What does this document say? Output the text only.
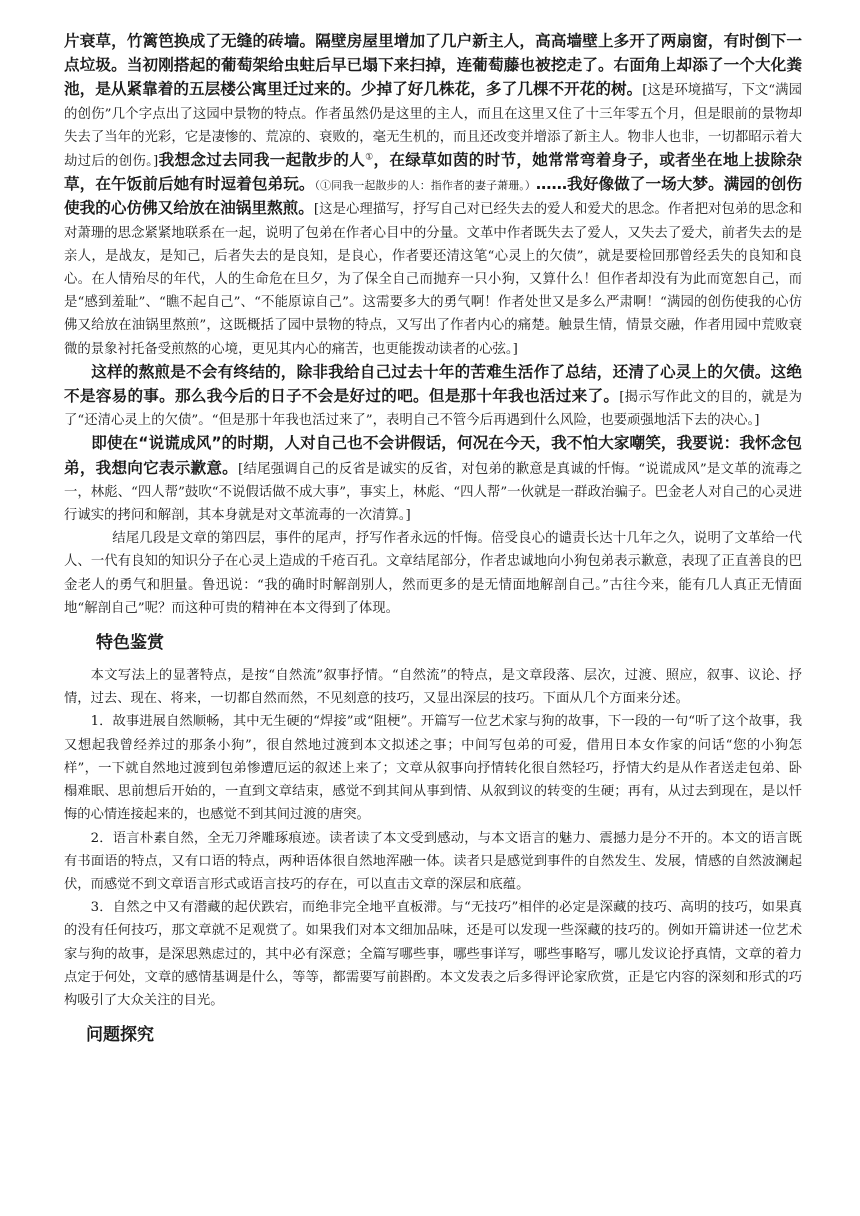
片衰草，竹篱笆换成了无缝的砖墙。隔壁房屋里增加了几户新主人，高高墙壁上多开了两扇窗，有时倒下一点垃圾。当初刚搭起的葡萄架给虫蛀后早已塌下来扫掉，连葡萄藤也被挖走了。右面角上却添了一个大化粪池，是从紧靠着的五层楼公寓里迁过来的。少掉了好几株花，多了几棵不开花的树。[这是环境描写，下文“满园的创伤”几个字点出了这园中景物的特点。作者虽然仍是这里的主人，而且在这里又住了十三年零五个月，但是眼前的景物却失去了当年的光彩，它是凄惨的、荒凉的、衰败的，毫无生机的，而且还改变并增添了新主人。物非人也非，一切都昭示着大劫过后的创伤。]我想念过去同我一起散步的人①，在绿草如茵的时节，她常常弯着身子，或者坐在地上拔除杂草，在午饭前后她有时逗着包弟玩。（①同我一起散步的人：指作者的妻子萧珊。）……我好像做了一场大梦。满园的创伤使我的心仿佛又给放在油锅里熬煎。[这是心理描写，抒写自己对已经失去的爱人和爱犬的思念。作者把对包弟的思念和对萧珊的思念紧紧地联系在一起，说明了包弟在作者心目中的分量。文革中作者既失去了爱人，又失去了爱犬，前者失去的是亲人，是战友，是知己，后者失去的是良知，是良心，作者要还清这笔“心灵上的欠债”，就是要检回那曾经丢失的良知和良心。在人情殆尽的年代，人的生命危在旦夕，为了保全自己而抛弃一只小狗，又算什么！但作者却没有为此而宽恕自己，而是“感到羞耻”、“瞧不起自己”、“不能原谅自己”。这需要多大的勇气啊！作者处世又是多么严肃啊！“满园的创伤使我的心仿佛又给放在油锅里熬煎”，这既概括了园中景物的特点，又写出了作者内心的痛楚。触景生情，情景交融，作者用园中荒败衰微的景象衬托备受煎熬的心境，更见其内心的痛苦，也更能拨动读者的心弦。]

这样的熬煎是不会有终结的，除非我给自己过去十年的苦难生活作了总结，还清了心灵上的欠债。这绝不是容易的事。那么我今后的日子不会是好过的吧。但是那十年我也活过来了。[揭示写作此文的目的，就是为了“还清心灵上的欠债”。“但是那十年我也活过来了”，表明自己不管今后再遇到什么风险，也要顽强地活下去的决心。]

即使在“说谎成风”的时期，人对自己也不会讲假话，何况在今天，我不怕大家嘲笑，我要说：我怀念包弟，我想向它表示歉意。[结尾强调自己的反省是诚实的反省，对包弟的歉意是真诚的忏悔。“说谎成风”是文革的流毒之一，林彪、“四人帮”鼓吹“不说假话做不成大事”，事实上，林彪、“四人帮”一伙就是一群政治骗子。巴金老人对自己的心灵进行诚实的拷问和解剖，其本身就是对文革流毒的一次清算。]

结尾几段是文章的第四层，事件的尾声，抒写作者永远的忏悔。倍受良心的谴责长达十几年之久，说明了文革给一代人、一代有良知的知识分子在心灵上造成的千疮百孔。文章结尾部分，作者忠诚地向小狗包弟表示歉意，表现了正直善良的巴金老人的勇气和胆量。鲁迅说：“我的确时时解剖别人，然而更多的是无情面地解剖自己。”古往今来，能有几人真正无情面地“解剖自己”呢？而这种可贵的精神在本文得到了体现。

特色鉴赏

本文写法上的显著特点，是按“自然流”叙事抒情。“自然流”的特点，是文章段落、层次，过渡、照应，叙事、议论、抒情，过去、现在、将来，一切都自然而然，不见刻意的技巧，又显出深层的技巧。下面从几个方面来分述。

1．故事进展自然顺畅，其中无生硬的“焊接”或“阻梗”。开篇写一位艺术家与狗的故事，下一段的一句“听了这个故事，我又想起我曾经养过的那条小狗”，很自然地过渡到本文拟述之事；中间写包弟的可爱，借用日本女作家的问话“您的小狗怎样”，一下就自然地过渡到包弟惨遭厄运的叙述上来了；文章从叙事向抒情转化很自然轻巧，抒情大约是从作者送走包弟、卧榻难眠、思前想后开始的，一直到文章结束，感觉不到其间从事到情、从叙到议的转变的生硬；再有，从过去到现在，是以忏悔的心情连接起来的，也感觉不到其间过渡的唐突。

2．语言朴素自然，全无刀斧雕琢痕迹。读者读了本文受到感动，与本文语言的魅力、震撼力是分不开的。本文的语言既有书面语的特点，又有口语的特点，两种语体很自然地浑融一体。读者只是感觉到事件的自然发生、发展，情感的自然波澜起伏，而感觉不到文章语言形式或语言技巧的存在，可以直击文章的深层和底蕴。

3．自然之中又有潜藏的起伏跌宕，而绝非完全地平直板滞。与“无技巧”相伴的必定是深藏的技巧、高明的技巧，如果真的没有任何技巧，那文章就不足观赏了。如果我们对本文细加品味，还是可以发现一些深藏的技巧的。例如开篇讲述一位艺术家与狗的故事，是深思熟虑过的，其中必有深意；全篇写哪些事，哪些事详写，哪些事略写，哪儿发议论抒真情，文章的着力点定于何处，文章的感情基调是什么，等等，都需要写前斟酌。本文发表之后多得评论家欣赏，正是它内容的深刻和形式的巧构吸引了大众关注的目光。

问题探究
